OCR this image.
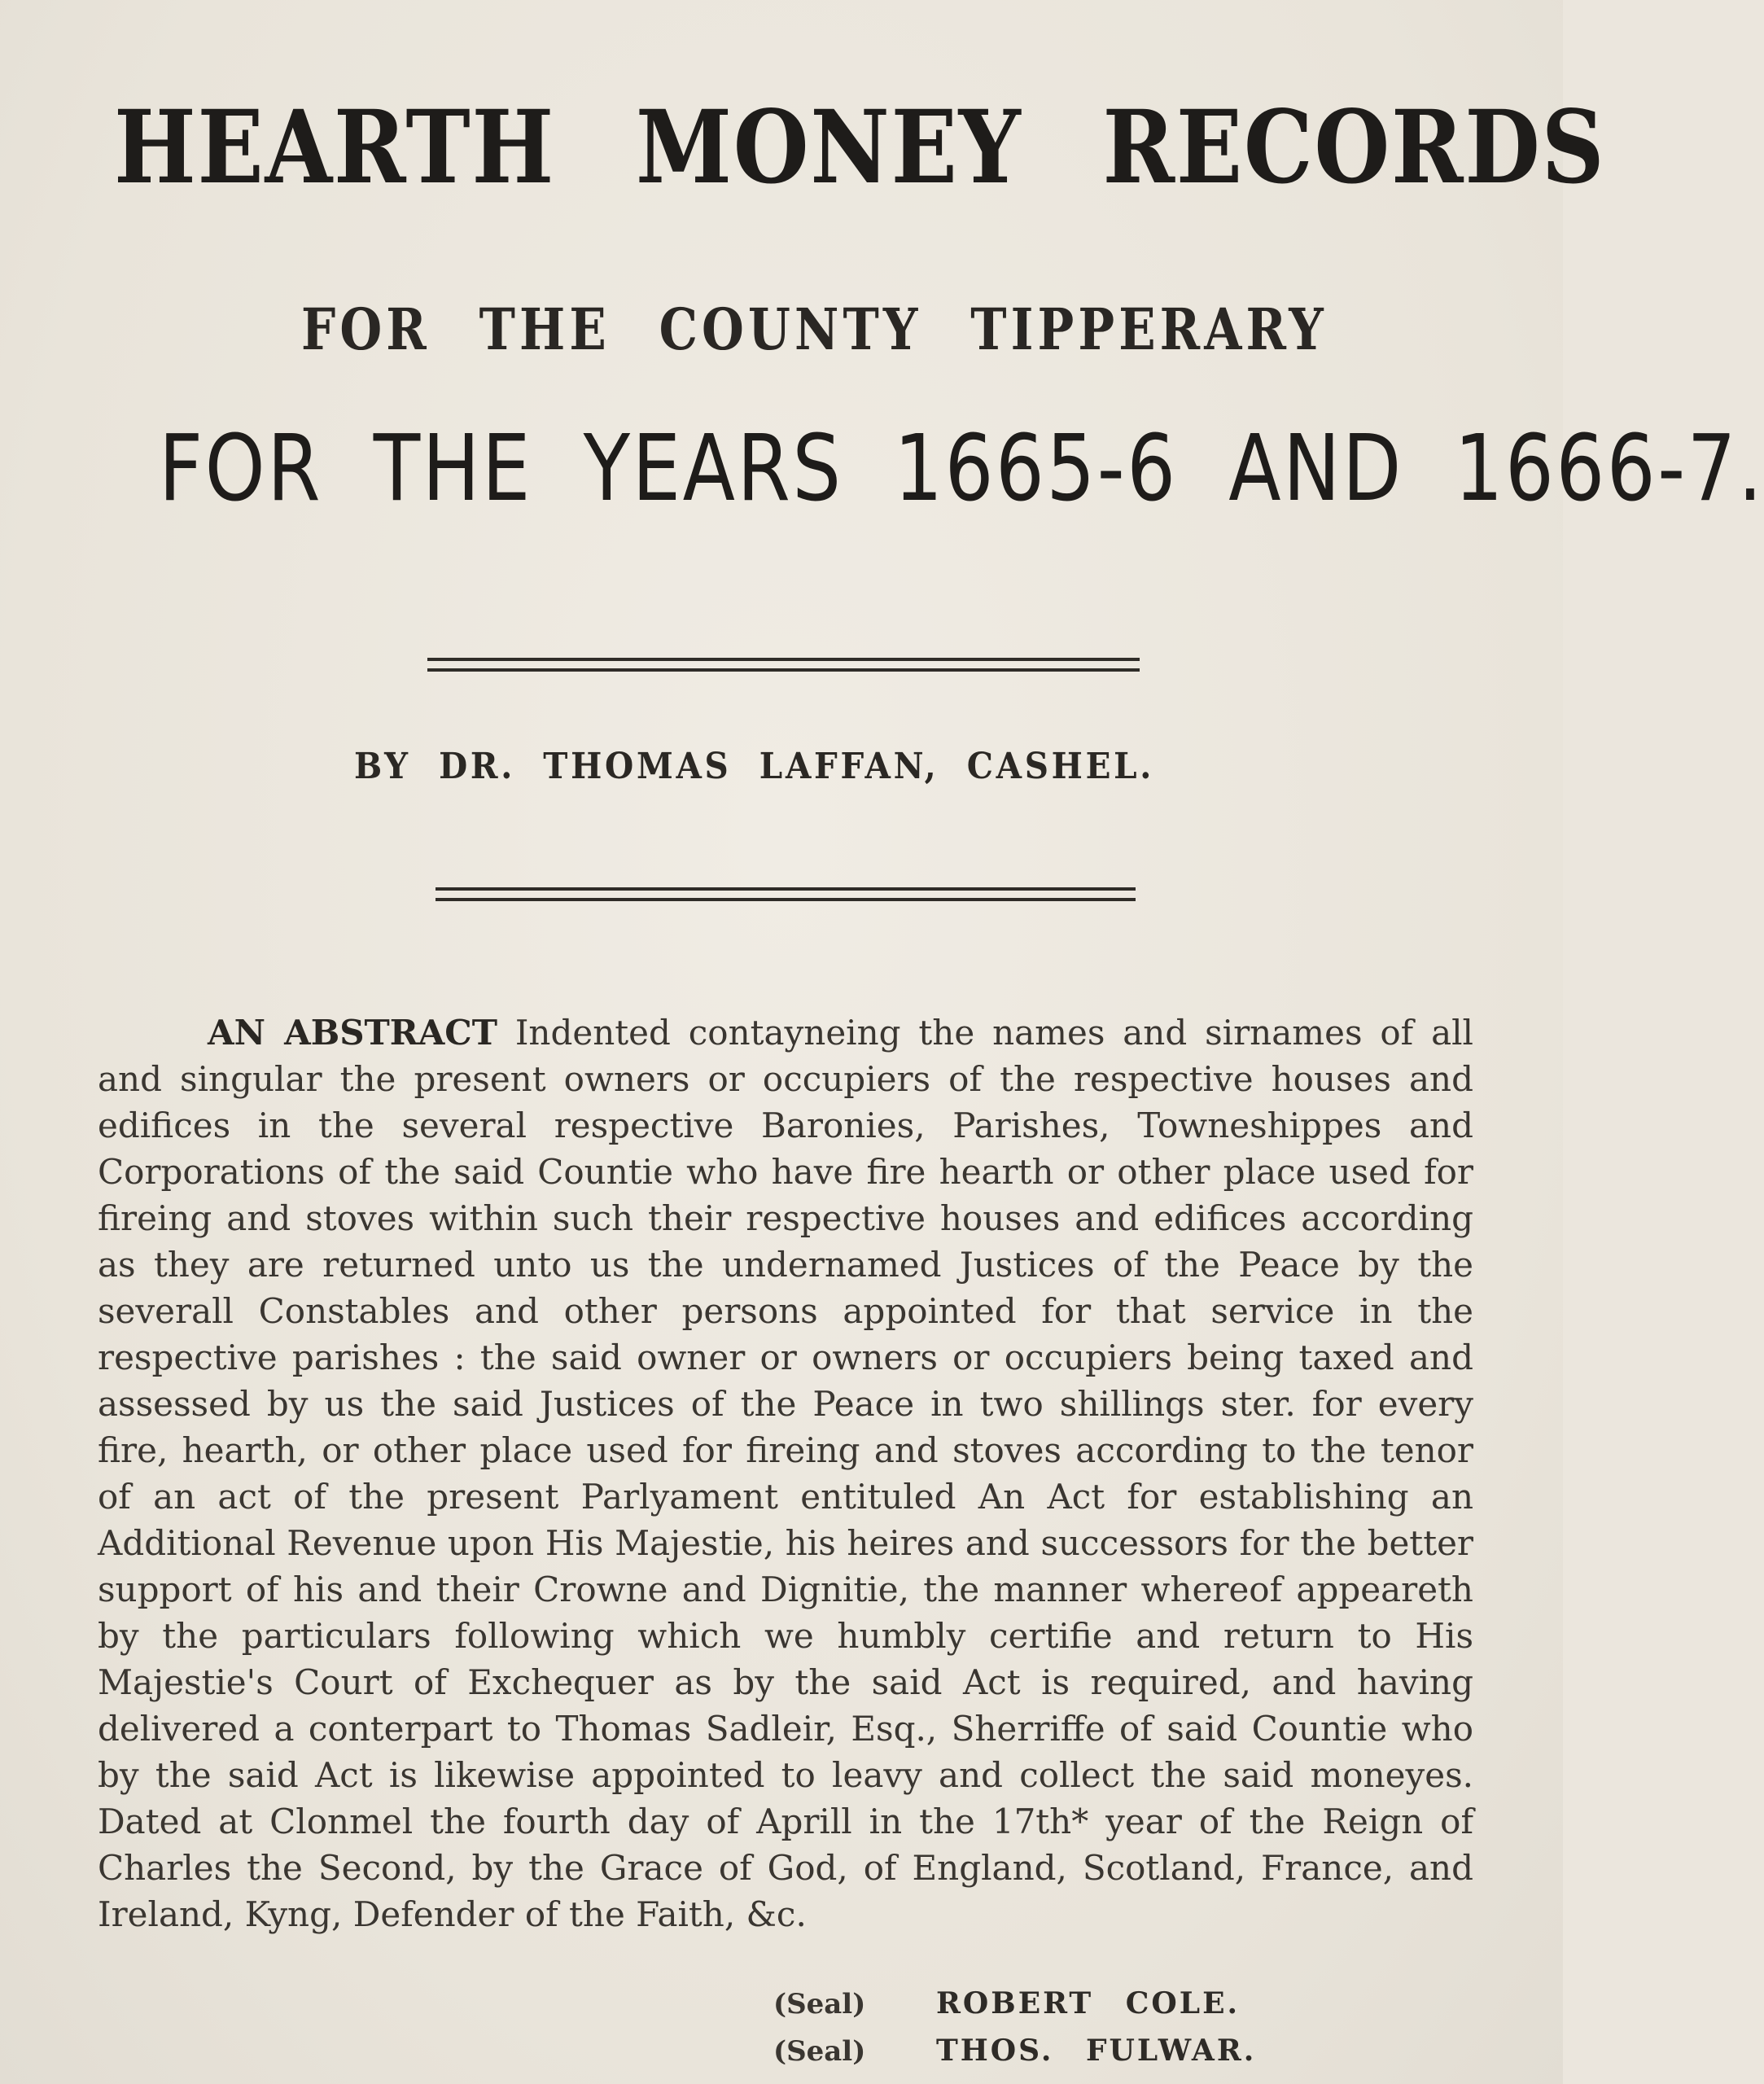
HEARTH MONEY RECORDS
FOR THE COUNTY TIPPERARY
FOR THE YEARS 1665-6 AND 1666-7.

BY DR. THOMAS LAFFAN, CASHEL.

AN ABSTRACT Indented contayneing the names and sirnames of all and singular the present owners or occupiers of the respective houses and edifices in the several respective Baronies, Parishes, Towneshippes and Corporations of the said Countie who have fire hearth or other place used for fireing and stoves within such their respective houses and edifices according as they are returned unto us the undernamed Justices of the Peace by the severall Constables and other persons appointed for that service in the respective parishes : the said owner or owners or occupiers being taxed and assessed by us the said Justices of the Peace in two shillings ster. for every fire, hearth, or other place used for fireing and stoves according to the tenor of an act of the present Parlyament entituled An Act for establishing an Additional Revenue upon His Majestie, his heires and successors for the better support of his and their Crowne and Dignitie, the manner whereof appeareth by the particulars following which we humbly certifie and return to His Majestie's Court of Exchequer as by the said Act is required, and having delivered a conterpart to Thomas Sadleir, Esq., Sherriffe of said Countie who by the said Act is likewise appointed to leavy and collect the said moneyes. Dated at Clonmel the fourth day of Aprill in the 17th* year of the Reign of Charles the Second, by the Grace of God, of England, Scotland, France, and Ireland, Kyng, Defender of the Faith, &c.

(Seal)	ROBERT COLE.
(Seal)	THOS. FULWAR.
